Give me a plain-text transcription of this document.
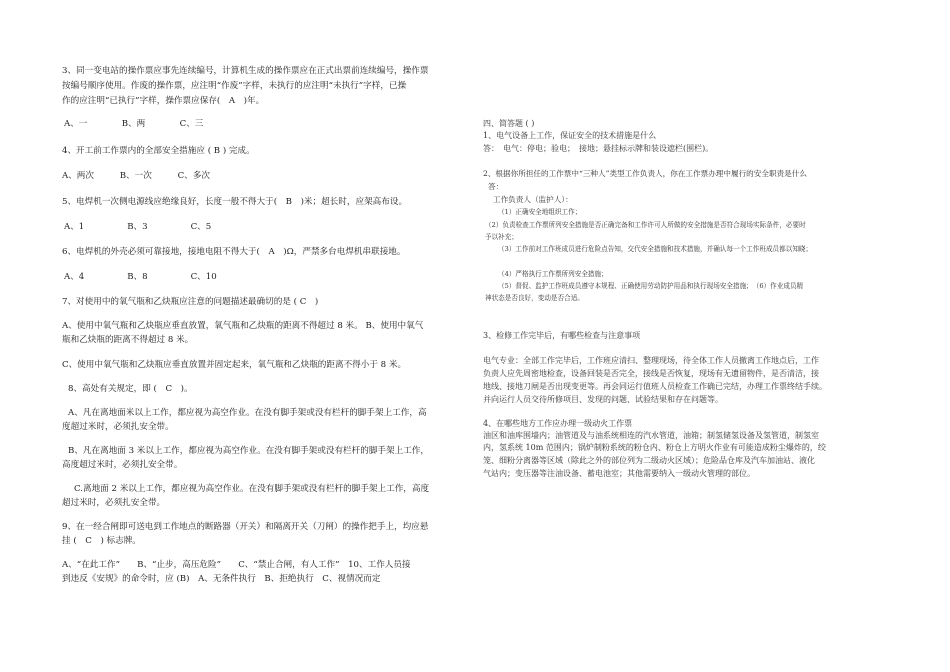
3、同一变电站的操作票应事先连续编号，计算机生成的操作票应在正式出票前连续编号，操作票
按编号顺序使用。作废的操作票，应注明“作废”字样，未执行的应注明“未执行”字样，已操
作的应注明“已执行”字样，操作票应保存(　A　)年。
A、一　　　　B、两　　　　C、三
4、开工前工作票内的全部安全措施应 ( B ) 完成。
A、两次　　　B、一次　　　C、多次
5、电焊机一次侧电源线应绝缘良好，长度一般不得大于(　B　)米；超长时，应架高布设。
A、1　　　　　B、3　　　　　C、5
6、电焊机的外壳必须可靠接地，接地电阻不得大于(　A　)Ω，严禁多台电焊机串联接地。
A、4　　　　　B、8　　　　　C、10
7、对使用中的氧气瓶和乙炔瓶应注意的问题描述最确切的是 ( C　)
A、使用中氧气瓶和乙炔瓶应垂直放置，氧气瓶和乙炔瓶的距离不得超过 8 米。 B、使用中氧气
瓶和乙炔瓶的距离不得超过 8 米。
C、使用中氧气瓶和乙炔瓶应垂直放置并固定起来，氧气瓶和乙炔瓶的距离不得小于 8 米。
8、高处有关规定，即 (　C　)。
A、凡在离地面米以上工作，都应视为高空作业。在没有脚手架或没有栏杆的脚手架上工作，高
度超过米时，必须扎安全带。
B、凡在离地面 3 米以上工作，都应视为高空作业。在没有脚手架或没有栏杆的脚手架上工作，
高度超过米时，必须扎安全带。
C.离地面 2 米以上工作，都应视为高空作业。在没有脚手架或没有栏杆的脚手架上工作，高度
超过米时，必须扎安全带。
9、在一经合闸即可送电到工作地点的断路器（开关）和隔离开关（刀闸）的操作把手上，均应悬
挂 (　C　) 标志牌。
A、“在此工作”　　B、“止步，高压危险”　　C、“禁止合闸，有人工作”　10、工作人员接
到违反《安规》的命令时，应 (B)　A、无条件执行　B、拒绝执行　C、视情况而定
四、简答题 ( )
1、电气设备上工作，保证安全的技术措施是什么
答：　电气：停电；验电；　接地；悬挂标示牌和装设遮栏(围栏)。
2、根据你所担任的工作票中“三种人”类型工作负责人，你在工作票办理中履行的安全职责是什么
答：
工作负责人（监护人）：
（1）正确安全地组织工作；
（2）负责检查工作票所列安全措施是否正确完备和工作许可人所做的安全措施是否符合现场实际条件，必要时
予以补充；
（3）工作前对工作班成员进行危险点告知，交代安全措施和技术措施，并确认每一个工作班成员都以知晓；
（4）严格执行工作票所列安全措施；
（5）督促、监护工作班成员遵守本规程、正确使用劳动防护用品和执行现场安全措施；　（6）作业成员精
神状态是否良好，变动是否合适。
3、检修工作完毕后，有哪些检查与注意事项
电气专业：全部工作完毕后，工作班应清扫、整理现场，待全体工作人员撤离工作地点后，工作
负责人应先周密地检查，设备回装是否完全，接线是否恢复，现场有无遗留物件，是否清洁，接
地线、接地刀闸是否出现变更等。再会同运行值班人员检查工作确已完结，办理工作票终结手续。
并向运行人员交待所修项目、发现的问题、试验结果和存在问题等。
4、在哪些地方工作应办理一级动火工作票
油区和油库围墙内；油管道及与油系统相连的汽水管道，油箱；制氢储氢设备及氢管道，制氢室
内，氢系统 10m 范围内；锅炉制粉系统的粉仓内、粉仓上方明火作业有可能造成粉尘爆炸的，绞
笼、细粉分离器等区域（除此之外的部位列为二级动火区域）；危险品仓库及汽车加油站、液化
气站内；变压器等注油设备、蓄电池室；其他需要纳入一级动火管理的部位。
